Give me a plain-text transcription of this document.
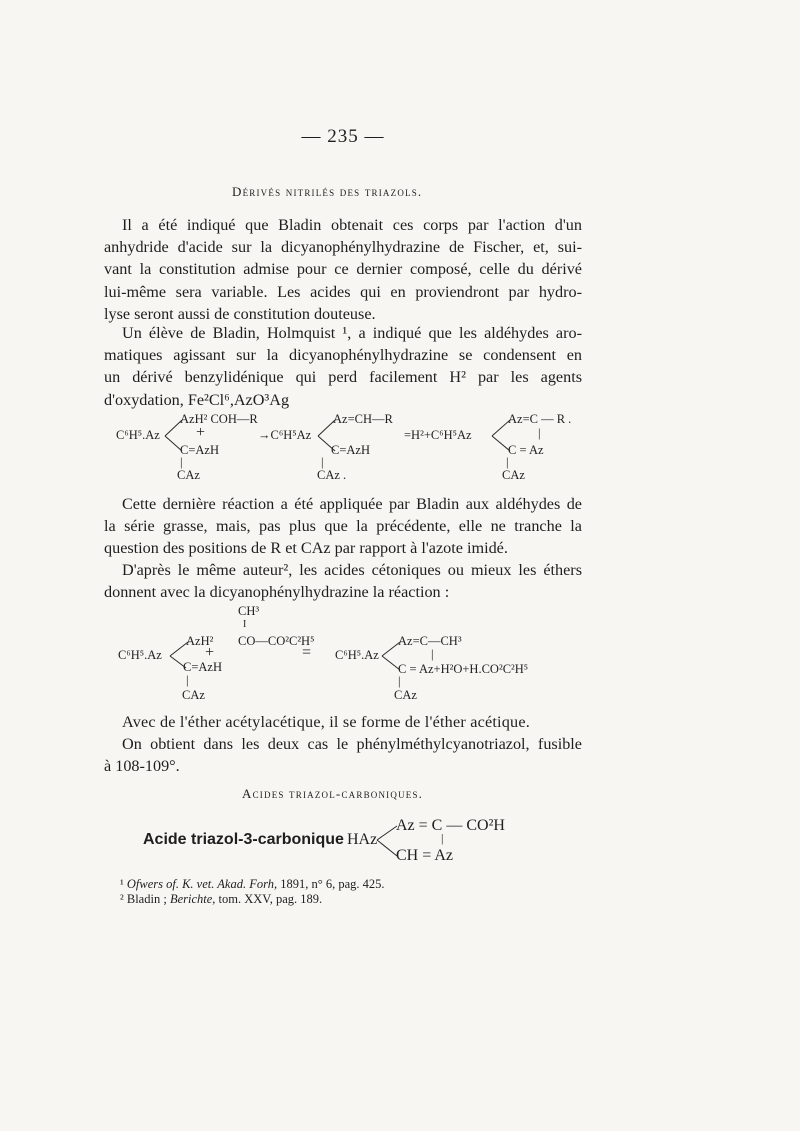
— 235 —
Dérivés nitrilés des triazols.
Il a été indiqué que Bladin obtenait ces corps par l'action d'un
anhydride d'acide sur la dicyanophénylhydrazine de Fischer, et, sui-
vant la constitution admise pour ce dernier composé, celle du dérivé
lui-même sera variable. Les acides qui en proviendront par hydro-
lyse seront aussi de constitution douteuse.
Un élève de Bladin, Holmquist ¹, a indiqué que les aldéhydes aro-
matiques agissant sur la dicyanophénylhydrazine se condensent en
un dérivé benzylidénique qui perd facilement H² par les agents
d'oxydation, Fe²Cl⁶,AzO³Ag
AzH² COH—R
C⁶H⁵.Az +
C=AzH
|
CAz
→C⁶H⁵Az
Az=CH—R
C=AzH
|
CAz .
=H²+C⁶H⁵Az
Az=C — R .
|
C = Az
|
CAz
Cette dernière réaction a été appliquée par Bladin aux aldéhydes de
la série grasse, mais, pas plus que la précédente, elle ne tranche la
question des positions de R et CAz par rapport à l'azote imidé.
D'après le même auteur², les acides cétoniques ou mieux les éthers
donnent avec la dicyanophénylhydrazine la réaction :
CH³
I
AzH² CO—CO²C²H⁵
C⁶H⁵.Az	+	=
C=AzH
|
CAz
C⁶H⁵.Az
Az=C—CH³
|
C = Az+H²O+H.CO²C²H⁵
|
CAz
Avec de l'éther acétylacétique, il se forme de l'éther acétique.
On obtient dans les deux cas le phénylméthylcyanotriazol, fusible
à 108-109°.
Acides triazol-carboniques.
Acide triazol-3-carbonique HAz
Az = C — CO²H
|
CH = Az
¹ Ofwers of. K. vet. Akad. Forh, 1891, n° 6, pag. 425.
² Bladin ; Berichte, tom. XXV, pag. 189.
